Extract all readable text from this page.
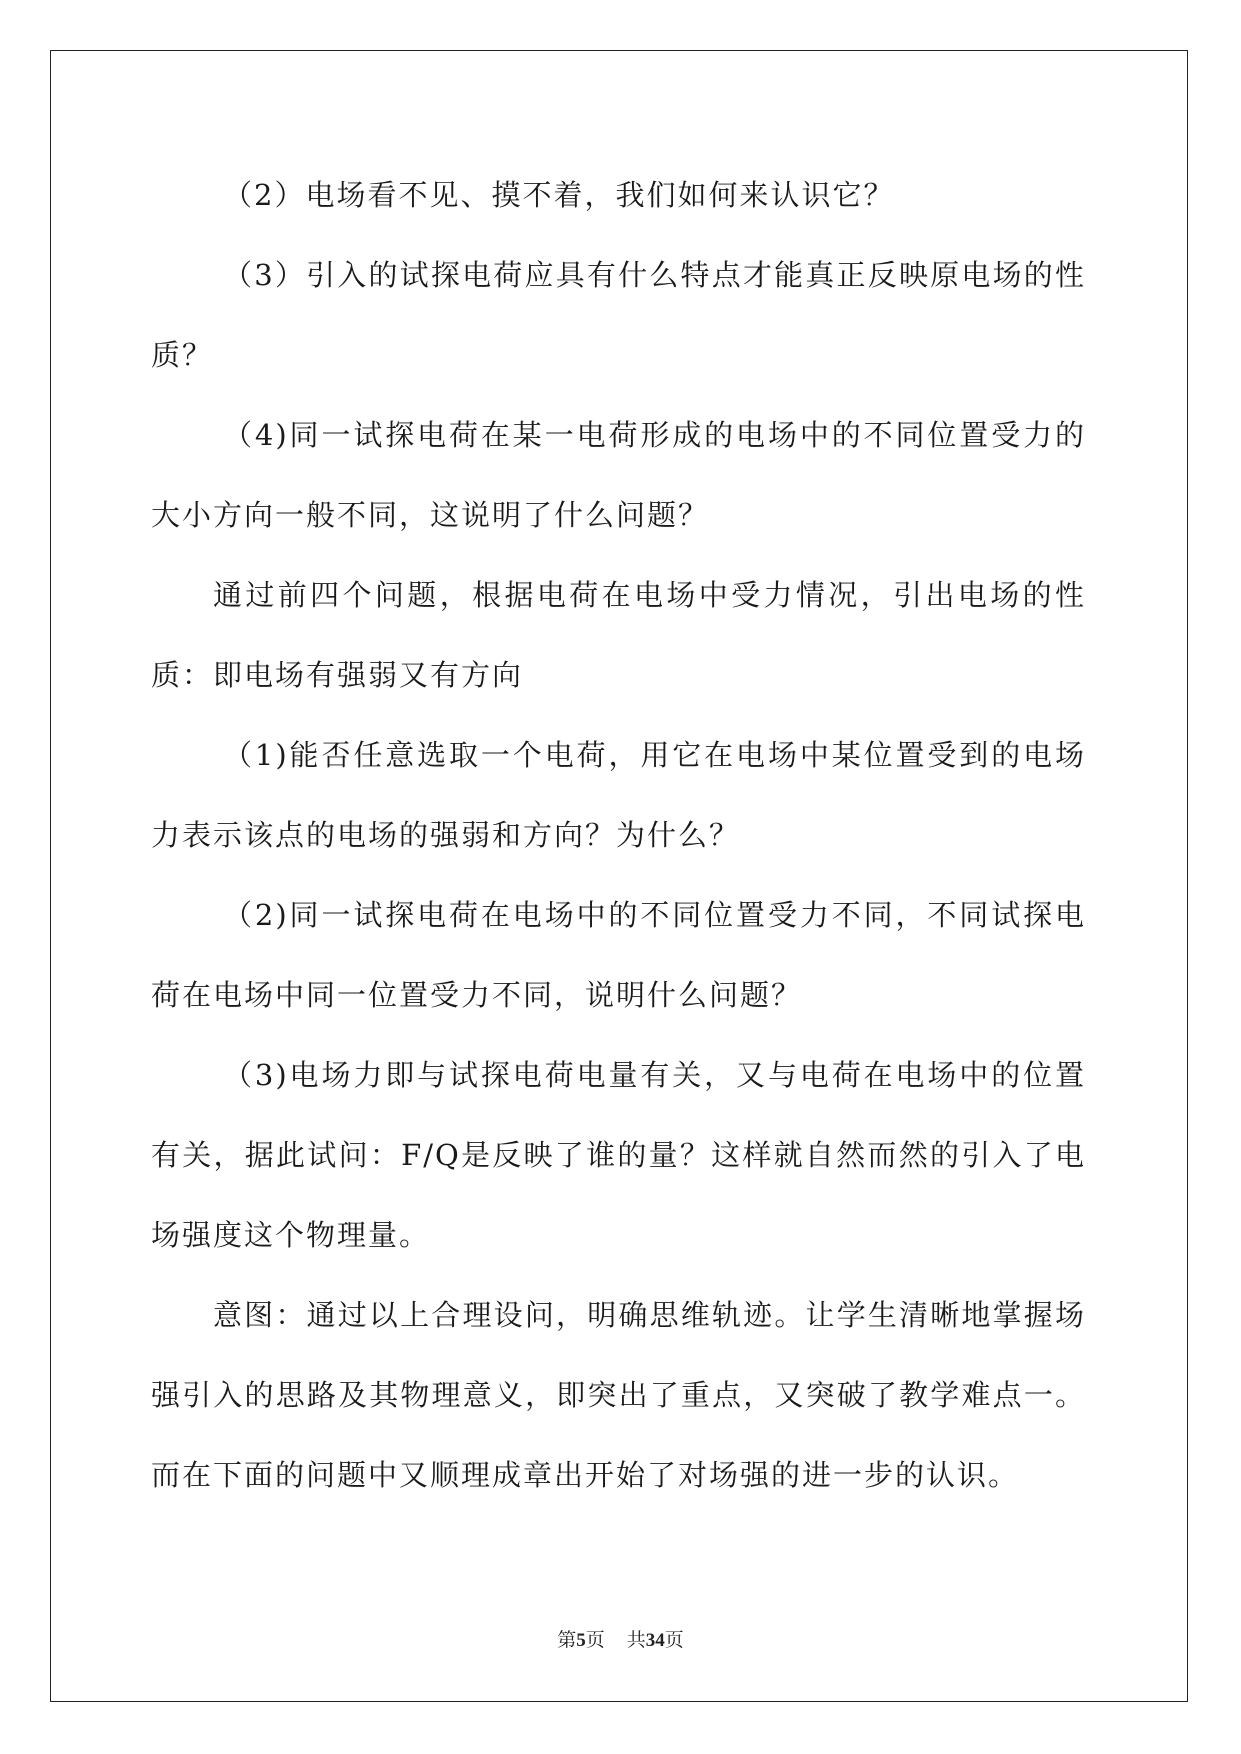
（2）电场看不见、摸不着，我们如何来认识它？

（3）引入的试探电荷应具有什么特点才能真正反映原电场的性质？

（4)同一试探电荷在某一电荷形成的电场中的不同位置受力的大小方向一般不同，这说明了什么问题？

通过前四个问题，根据电荷在电场中受力情况，引出电场的性质：即电场有强弱又有方向

（1)能否任意选取一个电荷，用它在电场中某位置受到的电场力表示该点的电场的强弱和方向？为什么？

（2)同一试探电荷在电场中的不同位置受力不同，不同试探电荷在电场中同一位置受力不同，说明什么问题？

（3)电场力即与试探电荷电量有关，又与电荷在电场中的位置有关，据此试问：F/Q是反映了谁的量？这样就自然而然的引入了电场强度这个物理量。

意图：通过以上合理设问，明确思维轨迹。让学生清晰地掌握场强引入的思路及其物理意义，即突出了重点，又突破了教学难点一。而在下面的问题中又顺理成章出开始了对场强的进一步的认识。

第5页 共34页
